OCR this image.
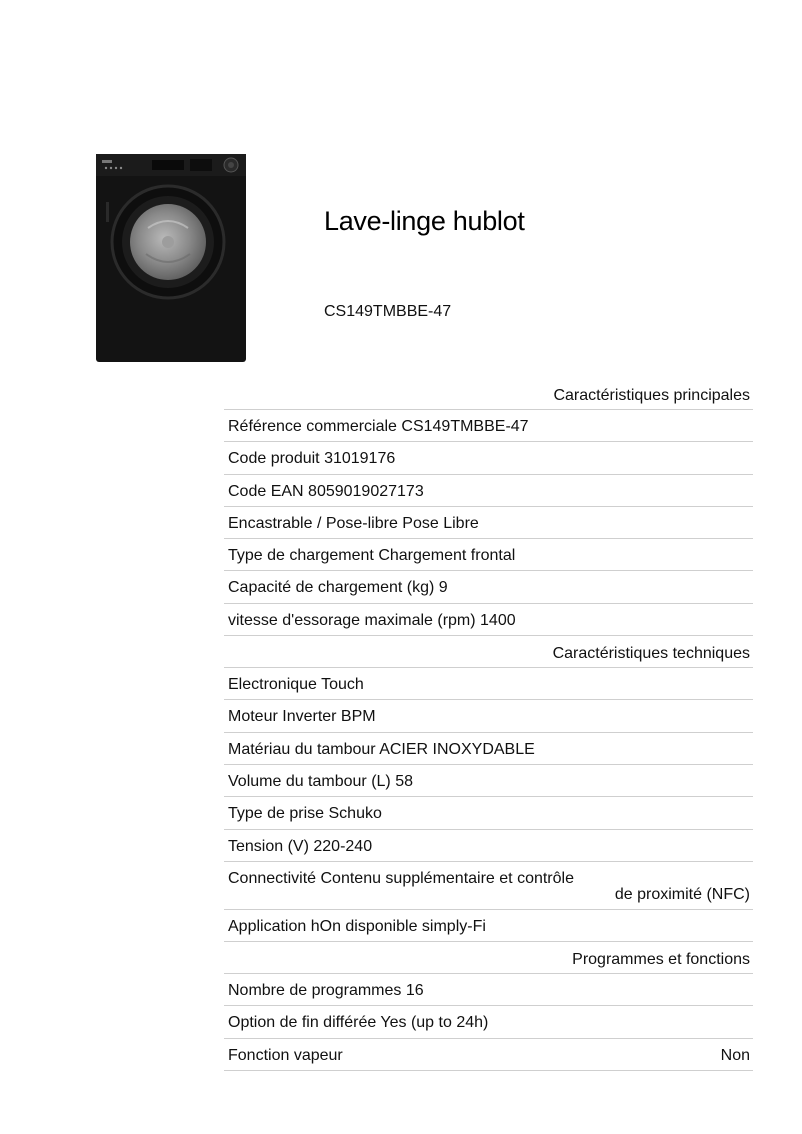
Lave-linge hublot
CS149TMBBE-47
Caractéristiques principales
Référence commerciale CS149TMBBE-47
Code produit 31019176
Code EAN 8059019027173
Encastrable / Pose-libre Pose Libre
Type de chargement Chargement frontal
Capacité de chargement (kg) 9
vitesse d'essorage maximale (rpm) 1400
Caractéristiques techniques
Electronique Touch
Moteur Inverter BPM
Matériau du tambour ACIER INOXYDABLE
Volume du tambour (L) 58
Type de prise Schuko
Tension (V) 220-240
Connectivité Contenu supplémentaire et contrôle
de proximité (NFC)
Application hOn disponible simply-Fi
Programmes et fonctions
Nombre de programmes 16
Option de fin différée Yes (up to 24h)
Fonction vapeur	Non
